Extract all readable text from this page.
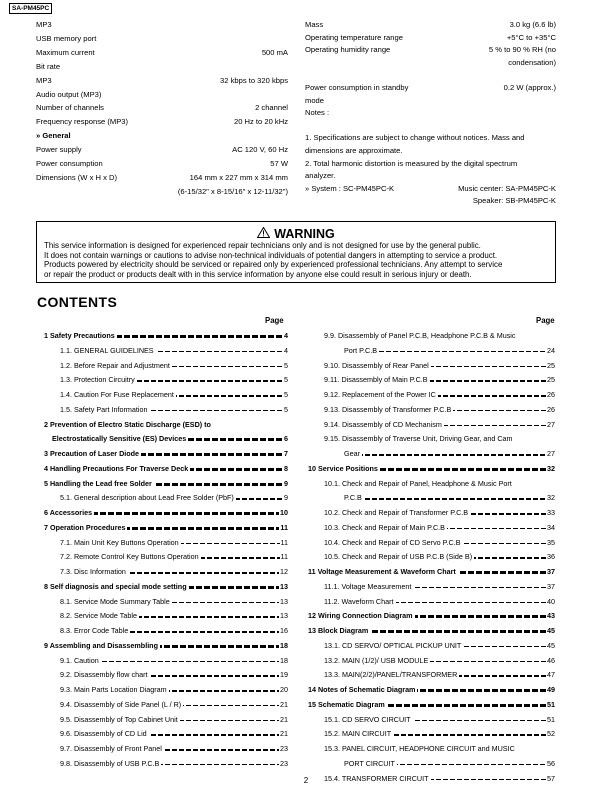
SA-PM45PC
MP3
USB memory port
Maximum current	500 mA
Bit rate
MP3	32 kbps to 320 kbps
Audio output (MP3)
Number of channels	2 channel
Frequency response (MP3)	20 Hz to 20 kHz
» General
Power supply	AC 120 V, 60 Hz
Power consumption	57 W
Dimensions (W x H x D)	164 mm x 227 mm x 314 mm
(6-15/32" x 8-15/16" x 12-11/32")
Mass	3.0 kg (6.6 lb)
Operating temperature range	+5°C to +35°C
Operating humidity range	5 % to 90 % RH (no
condensation)
Power consumption in standby	0.2 W (approx.)
mode
Notes :
1. Specifications are subject to change without notices. Mass and
dimensions are approximate.
2. Total harmonic distortion is measured by the digital spectrum
analyzer.
» System : SC-PM45PC-K	Music center: SA-PM45PC-K
Speaker: SB-PM45PC-K
WARNING
This service information is designed for experienced repair technicians only and is not designed for use by the general public.
It does not contain warnings or cautions to advise non-technical individuals of potential dangers in attempting to service a product.
Products powered by electricity should be serviced or repaired only by experienced professional technicians. Any attempt to service
or repair the product or products dealt with in this service information by anyone else could result in serious injury or death.
CONTENTS
Page	Page
1 Safety Precautions	4
1.1. GENERAL GUIDELINES	4
1.2. Before Repair and Adjustment	5
1.3. Protection Circuitry	5
1.4. Caution For Fuse Replacement	5
1.5. Safety Part Information	5
2 Prevention of Electro Static Discharge (ESD) to
Electrostatically Sensitive (ES) Devices	6
3 Precaution of Laser Diode	7
4 Handling Precautions For Traverse Deck	8
5 Handling the Lead free Solder	9
5.1. General description about Lead Free Solder (PbF)	9
6 Accessories	10
7 Operation Procedures	11
7.1. Main Unit Key Buttons Operation	11
7.2. Remote Control Key Buttons Operation	11
7.3. Disc Information	12
8 Self diagnosis and special mode setting	13
8.1. Service Mode Summary Table	13
8.2. Service Mode Table	13
8.3. Error Code Table	16
9 Assembling and Disassembling	18
9.1. Caution	18
9.2. Disassembly flow chart	19
9.3. Main Parts Location Diagram	20
9.4. Disassembly of Side Panel (L / R)	21
9.5. Disassembly of Top Cabinet Unit	21
9.6. Disassembly of CD Lid	21
9.7. Disassembly of Front Panel	23
9.8. Disassembly of USB P.C.B	23
9.9. Disassembly of Panel P.C.B, Headphone P.C.B & Music
Port P.C.B	24
9.10. Disassembly of Rear Panel	25
9.11. Disassembly of Main P.C.B	25
9.12. Replacement of the Power IC	26
9.13. Disassembly of Transformer P.C.B	26
9.14. Disassembly of CD Mechanism	27
9.15. Disassembly of Traverse Unit, Driving Gear, and Cam
Gear	27
10 Service Positions	32
10.1. Check and Repair of Panel, Headphone & Music Port
P.C.B	32
10.2. Check and Repair of Transformer P.C.B	33
10.3. Check and Repair of Main P.C.B	34
10.4. Check and Repair of CD Servo P.C.B	35
10.5. Check and Repair of USB P.C.B (Side B)	36
11 Voltage Measurement & Waveform Chart	37
11.1. Voltage Measurement	37
11.2. Waveform Chart	40
12 Wiring Connection Diagram	43
13 Block Diagram	45
13.1. CD SERVO/ OPTICAL PICKUP UNIT	45
13.2. MAIN (1/2)/ USB MODULE	46
13.3. MAIN(2/2)/PANEL/TRANSFORMER	47
14 Notes of Schematic Diagram	49
15 Schematic Diagram	51
15.1. CD SERVO CIRCUIT	51
15.2. MAIN CIRCUIT	52
15.3. PANEL CIRCUIT, HEADPHONE CIRCUIT and MUSIC
PORT CIRCUIT	56
15.4. TRANSFORMER CIRCUIT	57
2
